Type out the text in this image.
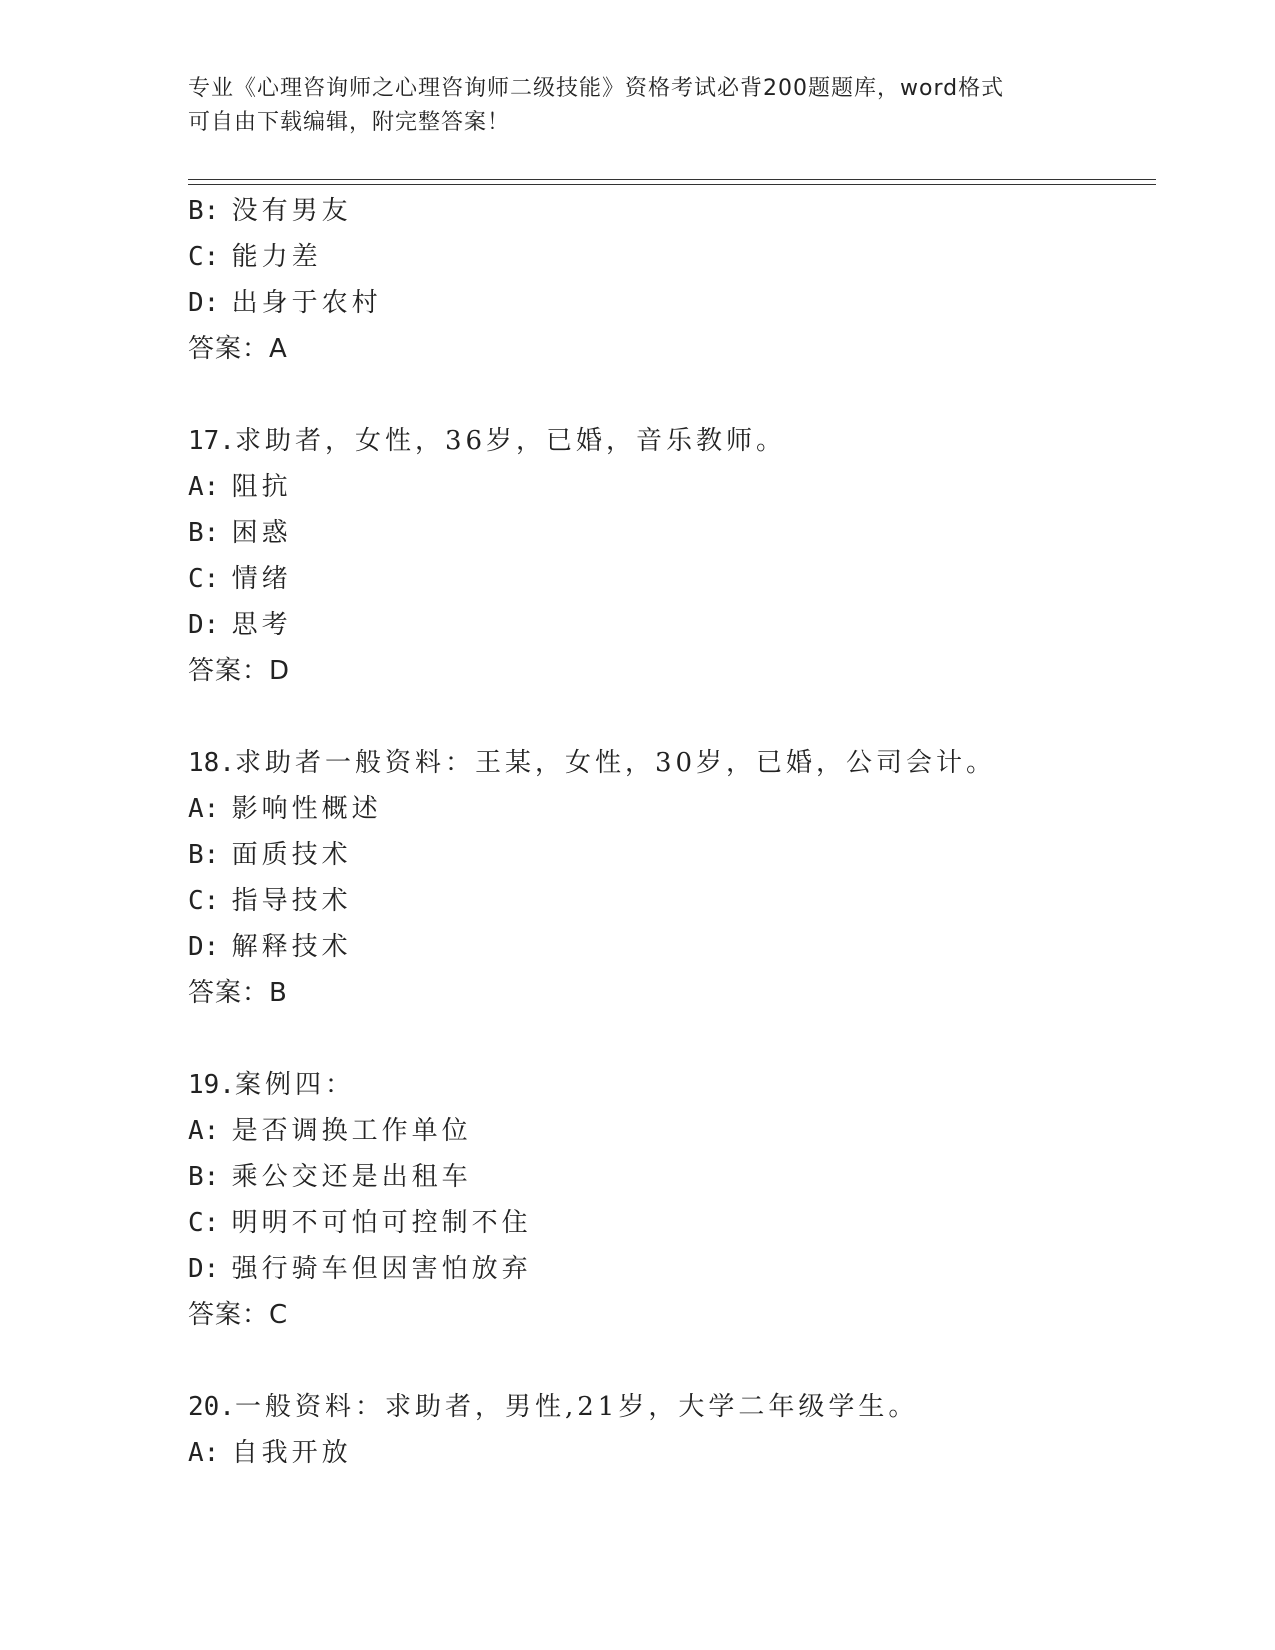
专业《心理咨询师之心理咨询师二级技能》资格考试必背200题题库，word格式
可自由下载编辑，附完整答案！
B: 没有男友
C: 能力差
D: 出身于农村
答案：A
17.求助者，女性，36岁，已婚，音乐教师。
A: 阻抗
B: 困惑
C: 情绪
D: 思考
答案：D
18.求助者一般资料：王某，女性，30岁，已婚，公司会计。
A: 影响性概述
B: 面质技术
C: 指导技术
D: 解释技术
答案：B
19.案例四：
A: 是否调换工作单位
B: 乘公交还是出租车
C: 明明不可怕可控制不住
D: 强行骑车但因害怕放弃
答案：C
20.一般资料：求助者，男性,21岁，大学二年级学生。
A: 自我开放
